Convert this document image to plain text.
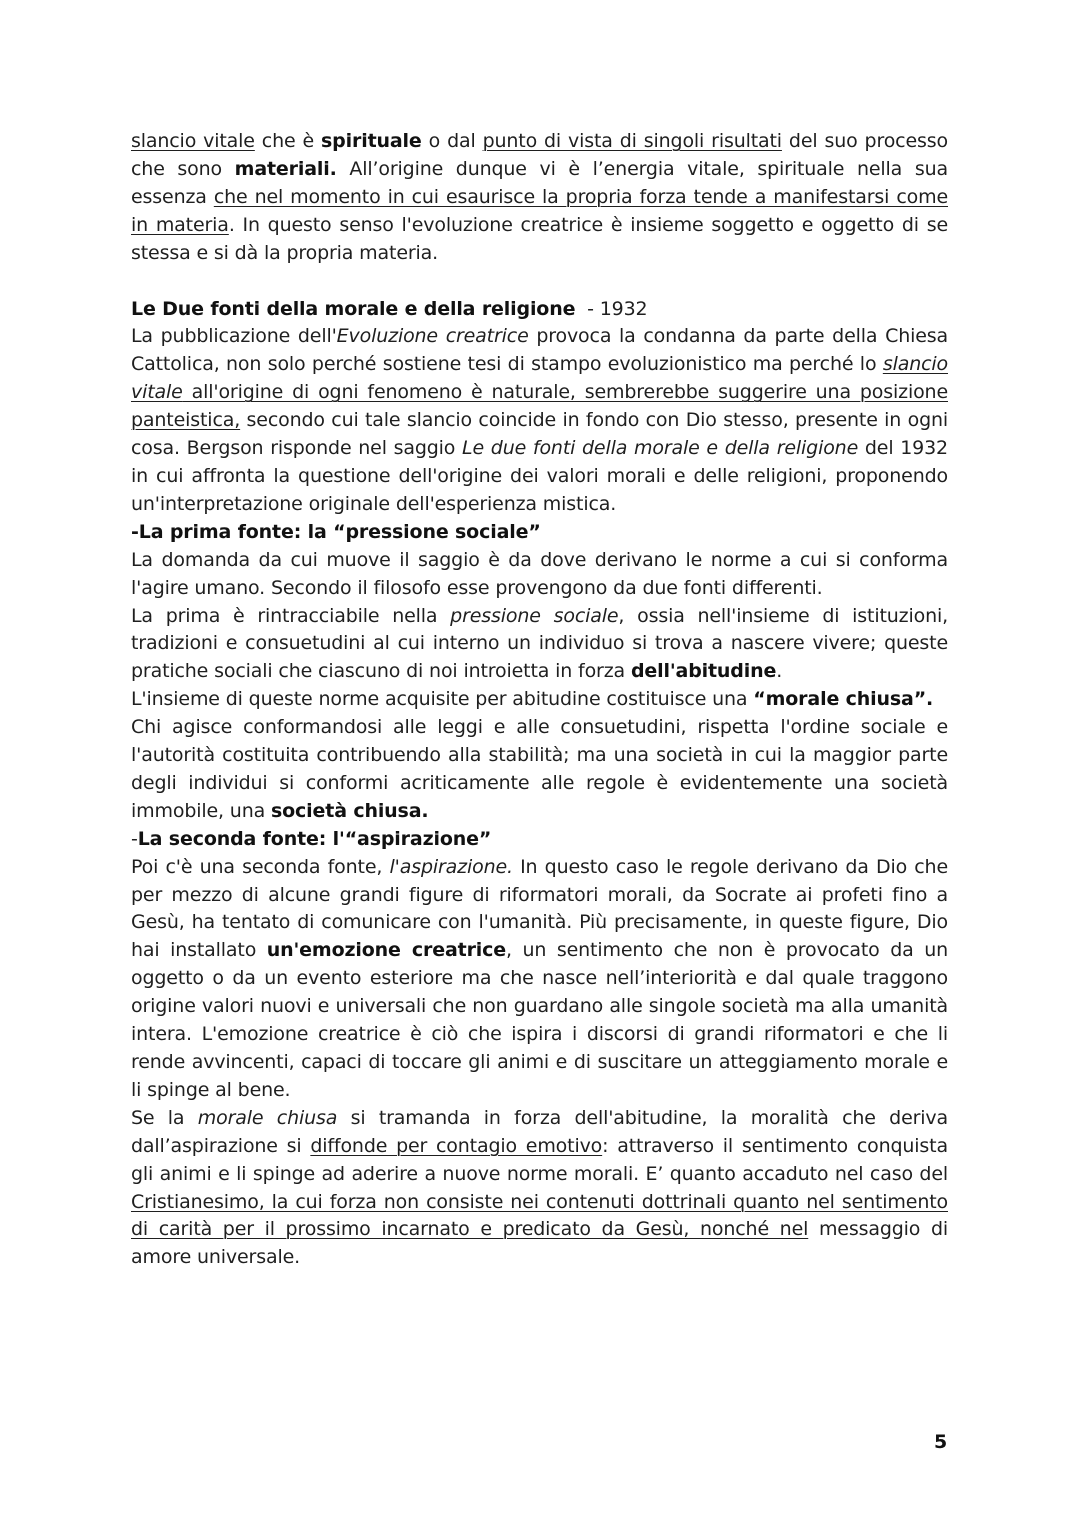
slancio vitale che è spirituale o dal punto di vista di singoli risultati del suo processo che sono materiali. All’origine dunque vi è l’energia vitale, spirituale nella sua essenza che nel momento in cui esaurisce la propria forza tende a manifestarsi come in materia. In questo senso l'evoluzione creatrice è insieme soggetto e oggetto di se stessa e si dà la propria materia.

Le Due fonti della morale e della religione  - 1932

La pubblicazione dell'Evoluzione creatrice provoca la condanna da parte della Chiesa Cattolica, non solo perché sostiene tesi di stampo evoluzionistico ma perché lo slancio vitale all'origine di ogni fenomeno è naturale, sembrerebbe suggerire una posizione panteistica, secondo cui tale slancio coincide in fondo con Dio stesso, presente in ogni cosa. Bergson risponde nel saggio Le due fonti della morale e della religione del 1932 in cui affronta la questione dell'origine dei valori morali e delle religioni, proponendo un'interpretazione originale dell'esperienza mistica.

-La prima fonte: la “pressione sociale”

La domanda da cui muove il saggio è da dove derivano le norme a cui si conforma l'agire umano. Secondo il filosofo esse provengono da due fonti differenti.

La prima è rintracciabile nella pressione sociale, ossia nell'insieme di istituzioni, tradizioni e consuetudini al cui interno un individuo si trova a nascere vivere; queste pratiche sociali che ciascuno di noi introietta in forza dell'abitudine.

L'insieme di queste norme acquisite per abitudine costituisce una “morale chiusa”.

Chi agisce conformandosi alle leggi e alle consuetudini, rispetta l'ordine sociale e l'autorità costituita contribuendo alla stabilità; ma una società in cui la maggior parte degli individui si conformi acriticamente alle regole è evidentemente una società immobile, una società chiusa.

-La seconda fonte: l'“aspirazione”

Poi c'è una seconda fonte, l'aspirazione. In questo caso le regole derivano da Dio che per mezzo di alcune grandi figure di riformatori morali, da Socrate ai profeti fino a Gesù, ha tentato di comunicare con l'umanità. Più precisamente, in queste figure, Dio hai installato un'emozione creatrice, un sentimento che non è provocato da un oggetto o da un evento esteriore ma che nasce nell’interiorità e dal quale traggono origine valori nuovi e universali che non guardano alle singole società ma alla umanità intera. L'emozione creatrice è ciò che ispira i discorsi di grandi riformatori e che li rende avvincenti, capaci di toccare gli animi e di suscitare un atteggiamento morale e li spinge al bene.

Se la morale chiusa si tramanda in forza dell'abitudine, la moralità che deriva dall’aspirazione si diffonde per contagio emotivo: attraverso il sentimento conquista gli animi e li spinge ad aderire a nuove norme morali. E’ quanto accaduto nel caso del Cristianesimo, la cui forza non consiste nei contenuti dottrinali quanto nel sentimento di carità per il prossimo incarnato e predicato da Gesù, nonché nel messaggio di amore universale.

5
